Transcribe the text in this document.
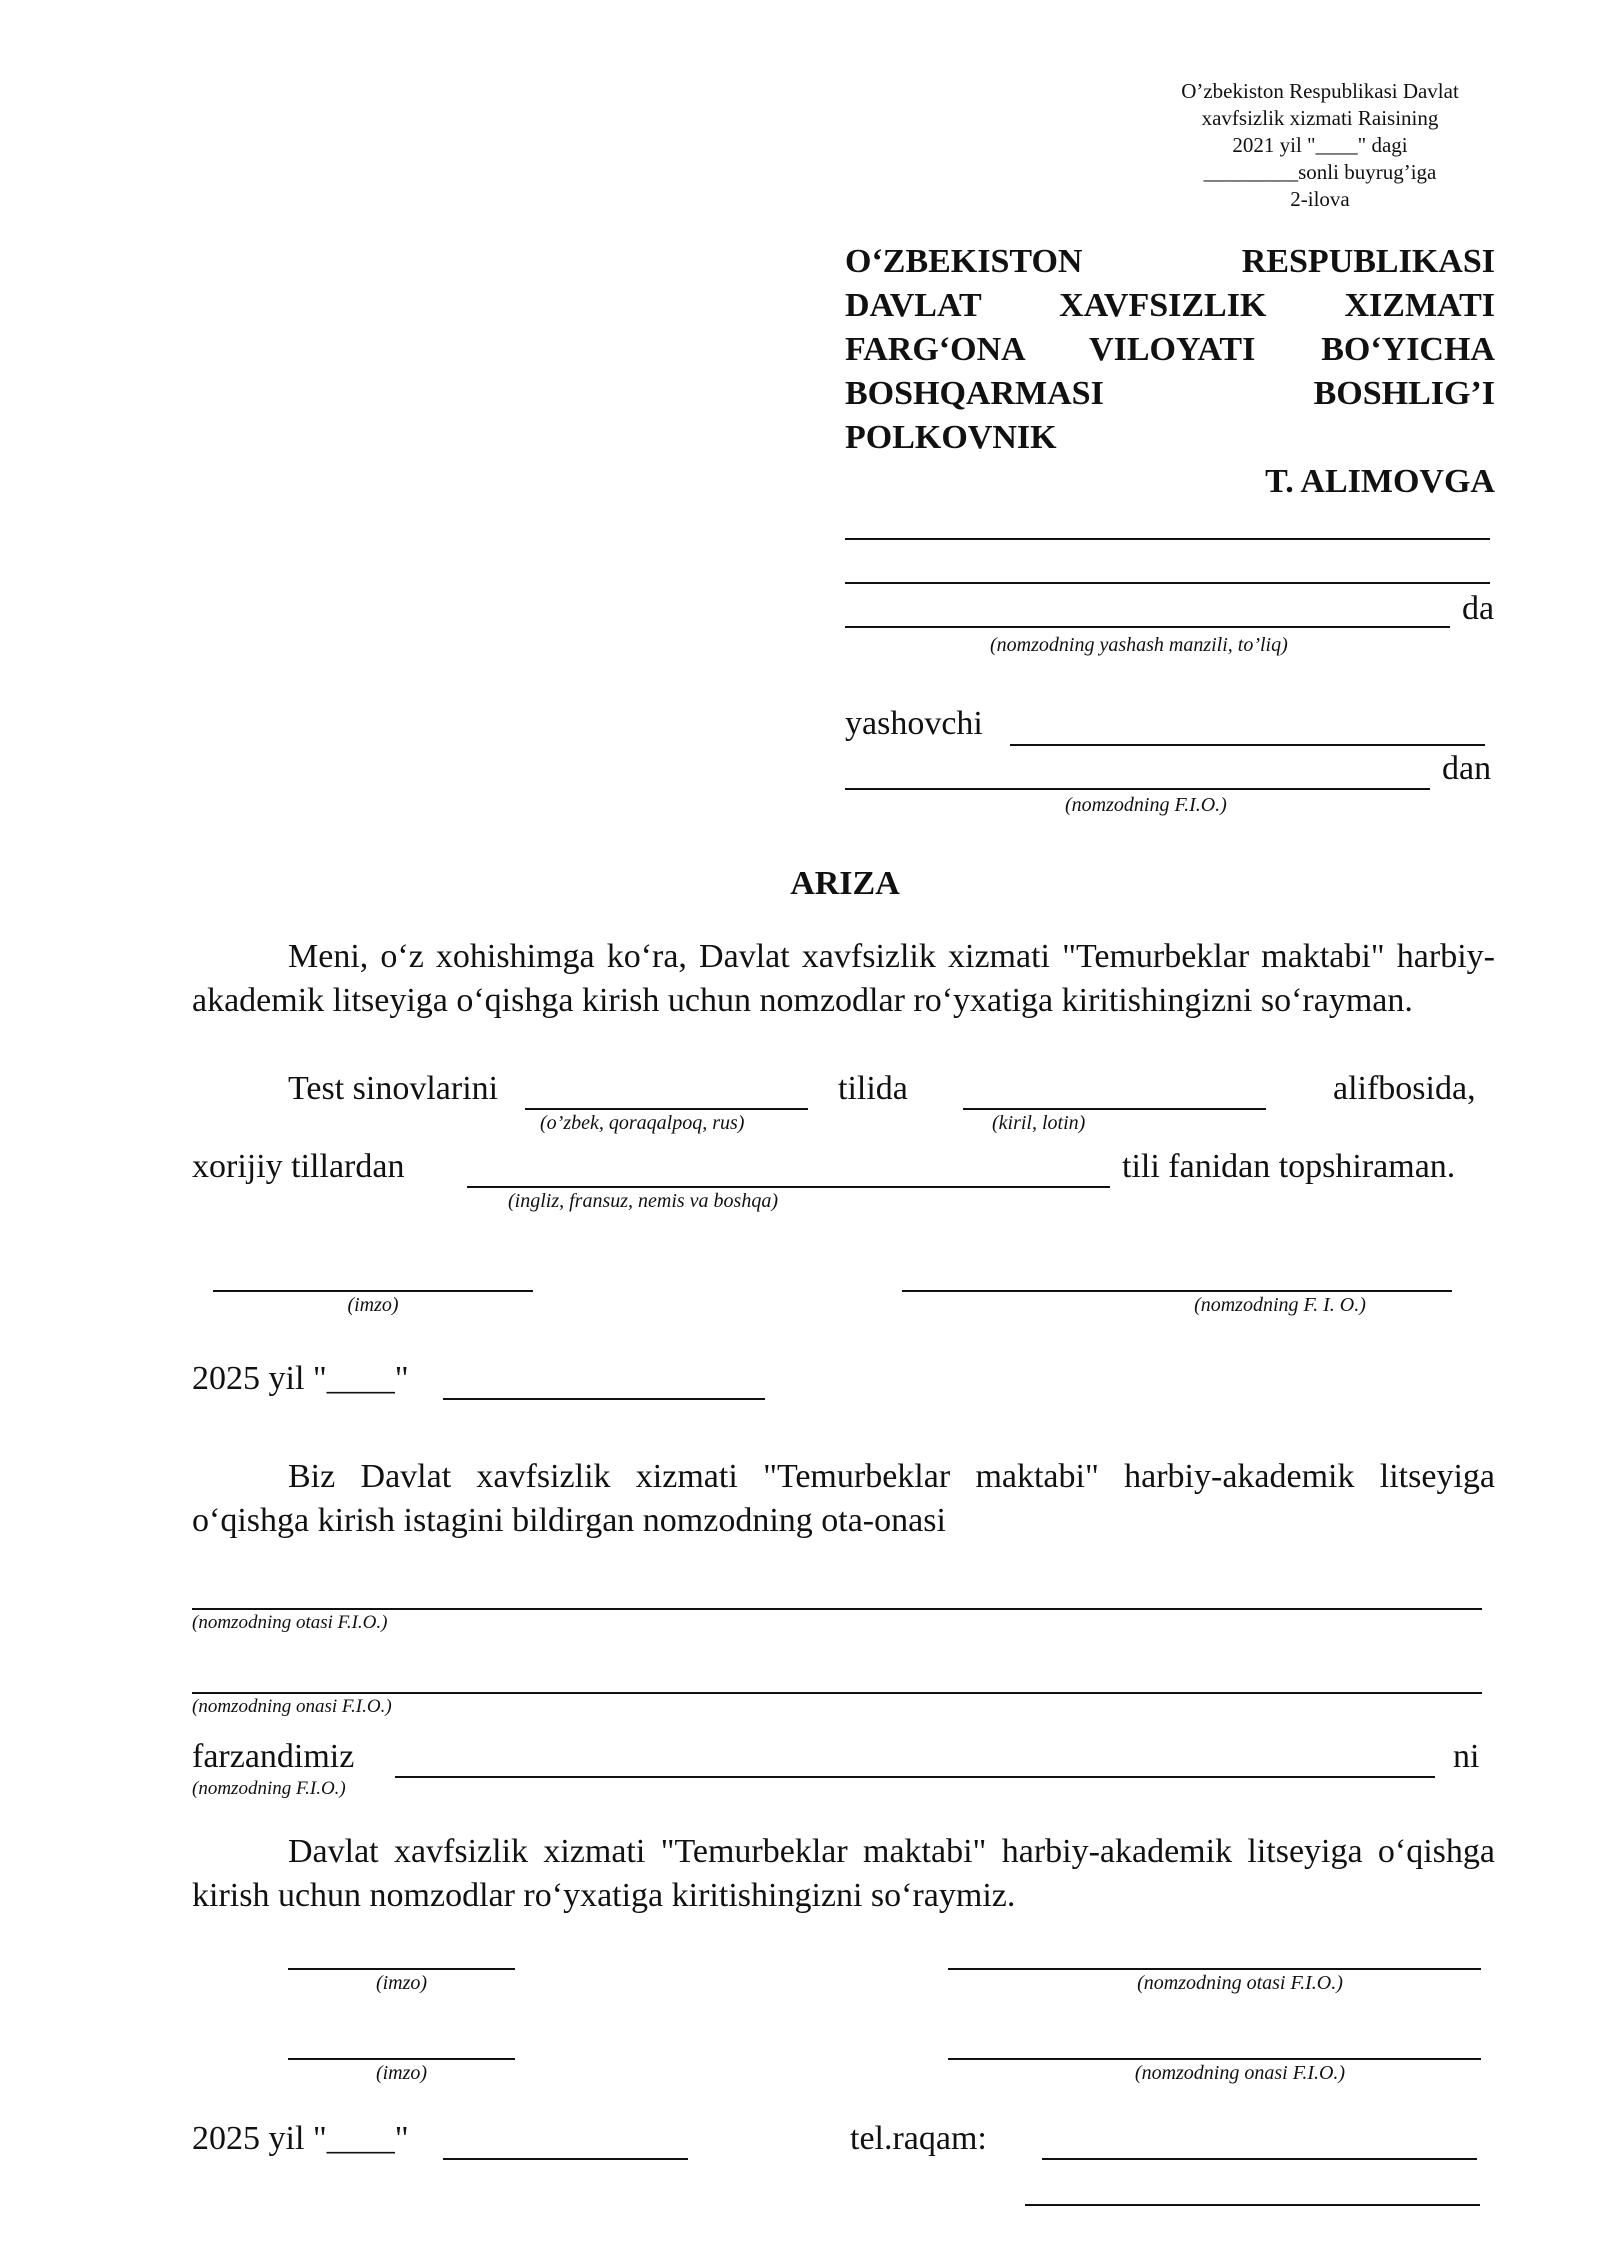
O’zbekiston Respublikasi Davlat
xavfsizlik xizmati Raisining
2021 yil "____" dagi
_________sonli buyrug’iga
2-ilova
O‘ZBEKISTON RESPUBLIKASI
DAVLAT XAVFSIZLIK XIZMATI
FARG‘ONA VILOYATI BO‘YICHA
BOSHQARMASI BOSHLIG’I
POLKOVNIK
T. ALIMOVGA
da
(nomzodning yashash manzili, to’liq)
yashovchi
dan
(nomzodning F.I.O.)
ARIZA
Meni, o‘z xohishimga ko‘ra, Davlat xavfsizlik xizmati "Temurbeklar maktabi" harbiy-akademik litseyiga o‘qishga kirish uchun nomzodlar ro‘yxatiga kiritishingizni so‘rayman.
Test sinovlarini	tilida	alifbosida,
(o’zbek, qoraqalpoq, rus)	(kiril, lotin)
xorijiy tillardan	tili fanidan topshiraman.
(ingliz, fransuz, nemis va boshqa)
(imzo)	(nomzodning F. I. O.)
2025 yil "____"
Biz Davlat xavfsizlik xizmati "Temurbeklar maktabi" harbiy-akademik litseyiga o‘qishga kirish istagini bildirgan nomzodning ota-onasi
(nomzodning otasi F.I.O.)
(nomzodning onasi F.I.O.)
farzandimiz	ni
(nomzodning F.I.O.)
Davlat xavfsizlik xizmati "Temurbeklar maktabi" harbiy-akademik litseyiga o‘qishga kirish uchun nomzodlar ro‘yxatiga kiritishingizni so‘raymiz.
(imzo)	(nomzodning otasi F.I.O.)
(imzo)	(nomzodning onasi F.I.O.)
2025 yil "____"	tel.raqam:
